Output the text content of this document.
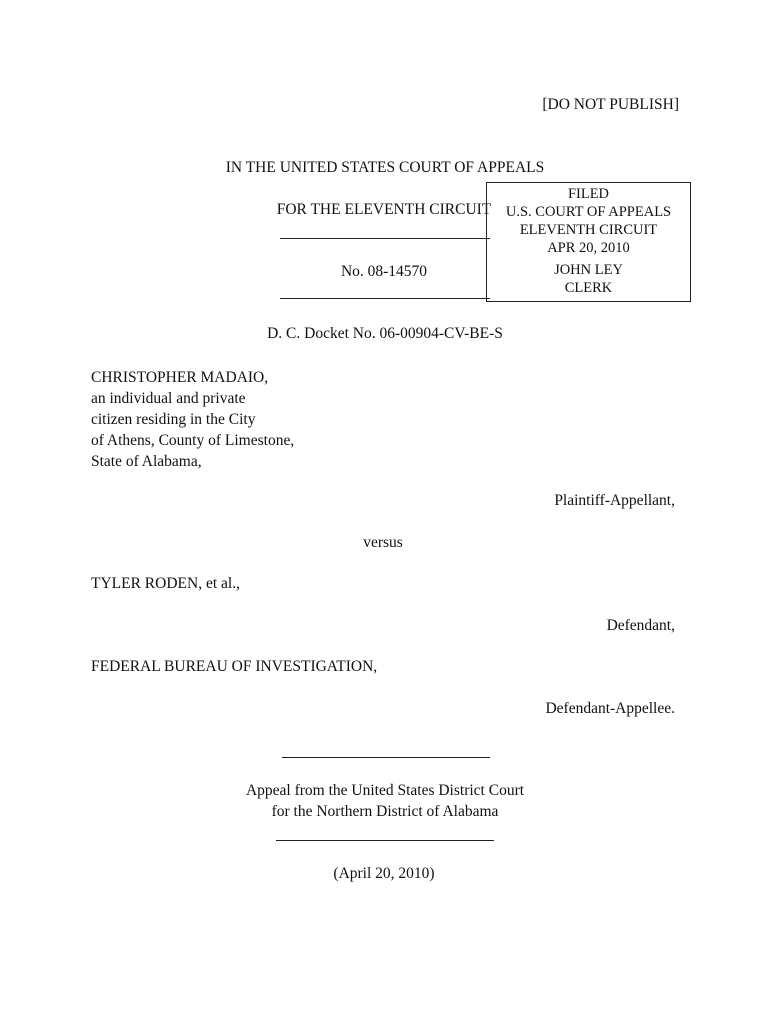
[DO NOT PUBLISH]
IN THE UNITED STATES COURT OF APPEALS
FOR THE ELEVENTH CIRCUIT
No. 08-14570
FILED
U.S. COURT OF APPEALS
ELEVENTH CIRCUIT
APR 20, 2010
JOHN LEY
CLERK
D. C. Docket No. 06-00904-CV-BE-S
CHRISTOPHER MADAIO,
an individual and private
citizen residing in the City
of Athens, County of Limestone,
State of Alabama,
Plaintiff-Appellant,
versus
TYLER RODEN, et al.,
Defendant,
FEDERAL BUREAU OF INVESTIGATION,
Defendant-Appellee.
Appeal from the United States District Court
for the Northern District of Alabama
(April 20, 2010)
